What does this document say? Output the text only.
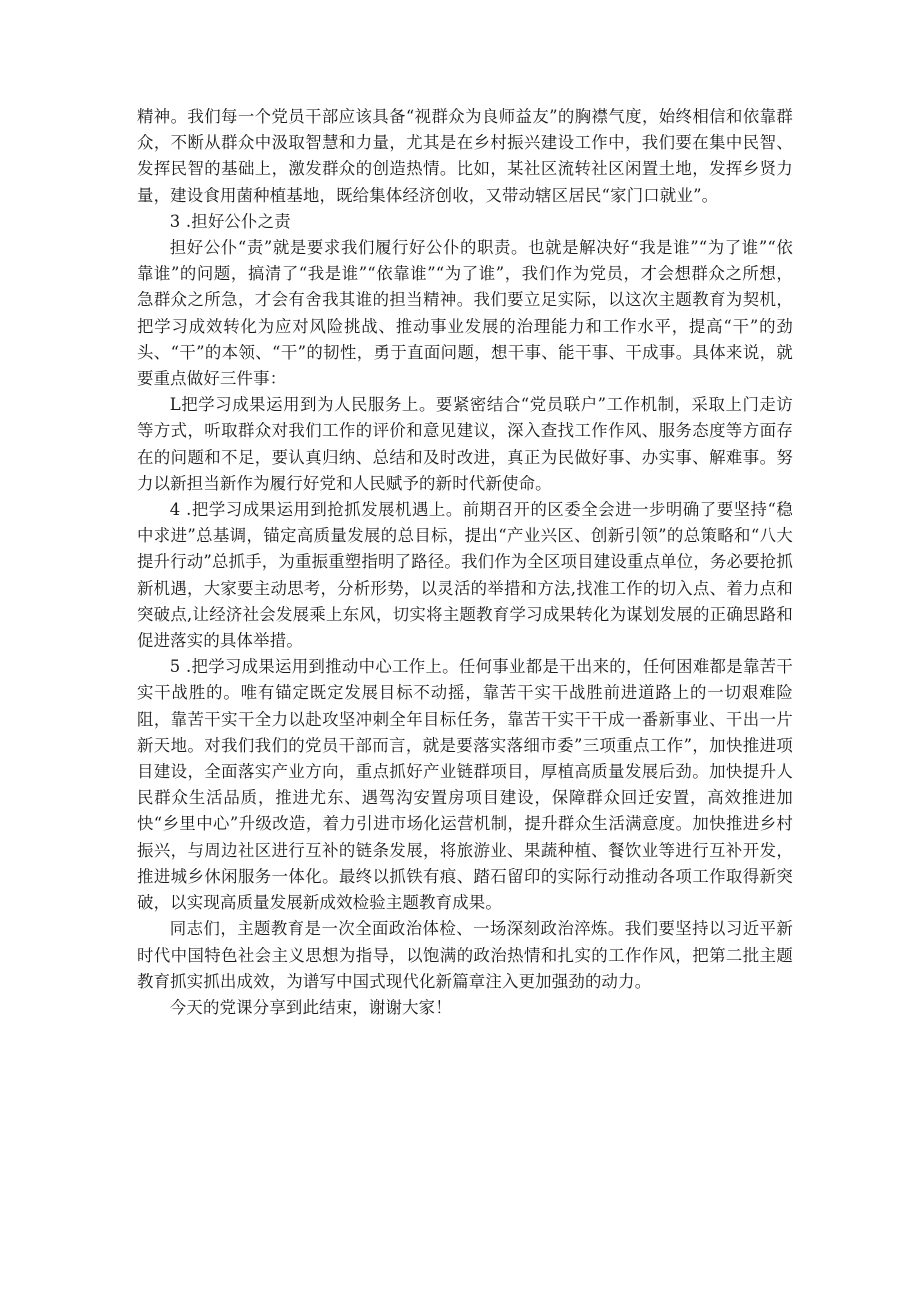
精神。我们每一个党员干部应该具备“视群众为良师益友”的胸襟气度，始终相信和依靠群众，不断从群众中汲取智慧和力量，尤其是在乡村振兴建设工作中，我们要在集中民智、发挥民智的基础上，激发群众的创造热情。比如，某社区流转社区闲置土地，发挥乡贤力量，建设食用菌种植基地，既给集体经济创收，又带动辖区居民“家门口就业”。

3 .担好公仆之责

担好公仆“责”就是要求我们履行好公仆的职责。也就是解决好“我是谁”“为了谁”“依靠谁”的问题，搞清了“我是谁”“依靠谁”“为了谁”，我们作为党员，才会想群众之所想，急群众之所急，才会有舍我其谁的担当精神。我们要立足实际，以这次主题教育为契机，把学习成效转化为应对风险挑战、推动事业发展的治理能力和工作水平，提高“干”的劲头、“干”的本领、“干”的韧性，勇于直面问题，想干事、能干事、干成事。具体来说，就要重点做好三件事：

L把学习成果运用到为人民服务上。要紧密结合“党员联户”工作机制，采取上门走访等方式，听取群众对我们工作的评价和意见建议，深入查找工作作风、服务态度等方面存在的问题和不足，要认真归纳、总结和及时改进，真正为民做好事、办实事、解难事。努力以新担当新作为履行好党和人民赋予的新时代新使命。

4 .把学习成果运用到抢抓发展机遇上。前期召开的区委全会进一步明确了要坚持“稳中求进”总基调，锚定高质量发展的总目标，提出“产业兴区、创新引领”的总策略和“八大提升行动”总抓手，为重振重塑指明了路径。我们作为全区项目建设重点单位，务必要抢抓新机遇，大家要主动思考，分析形势，以灵活的举措和方法,找准工作的切入点、着力点和突破点,让经济社会发展乘上东风，切实将主题教育学习成果转化为谋划发展的正确思路和促进落实的具体举措。

5 .把学习成果运用到推动中心工作上。任何事业都是干出来的，任何困难都是靠苦干实干战胜的。唯有锚定既定发展目标不动摇，靠苦干实干战胜前进道路上的一切艰难险阻，靠苦干实干全力以赴攻坚冲刺全年目标任务，靠苦干实干干成一番新事业、干出一片新天地。对我们我们的党员干部而言，就是要落实落细市委”三项重点工作”，加快推进项目建设，全面落实产业方向，重点抓好产业链群项目，厚植高质量发展后劲。加快提升人民群众生活品质，推进尤东、遇驾沟安置房项目建设，保障群众回迁安置，高效推进加快“乡里中心”升级改造，着力引进市场化运营机制，提升群众生活满意度。加快推进乡村振兴，与周边社区进行互补的链条发展，将旅游业、果蔬种植、餐饮业等进行互补开发，推进城乡休闲服务一体化。最终以抓铁有痕、踏石留印的实际行动推动各项工作取得新突破，以实现高质量发展新成效检验主题教育成果。

同志们，主题教育是一次全面政治体检、一场深刻政治淬炼。我们要坚持以习近平新时代中国特色社会主义思想为指导，以饱满的政治热情和扎实的工作作风，把第二批主题教育抓实抓出成效，为谱写中国式现代化新篇章注入更加强劲的动力。

今天的党课分享到此结束，谢谢大家！
